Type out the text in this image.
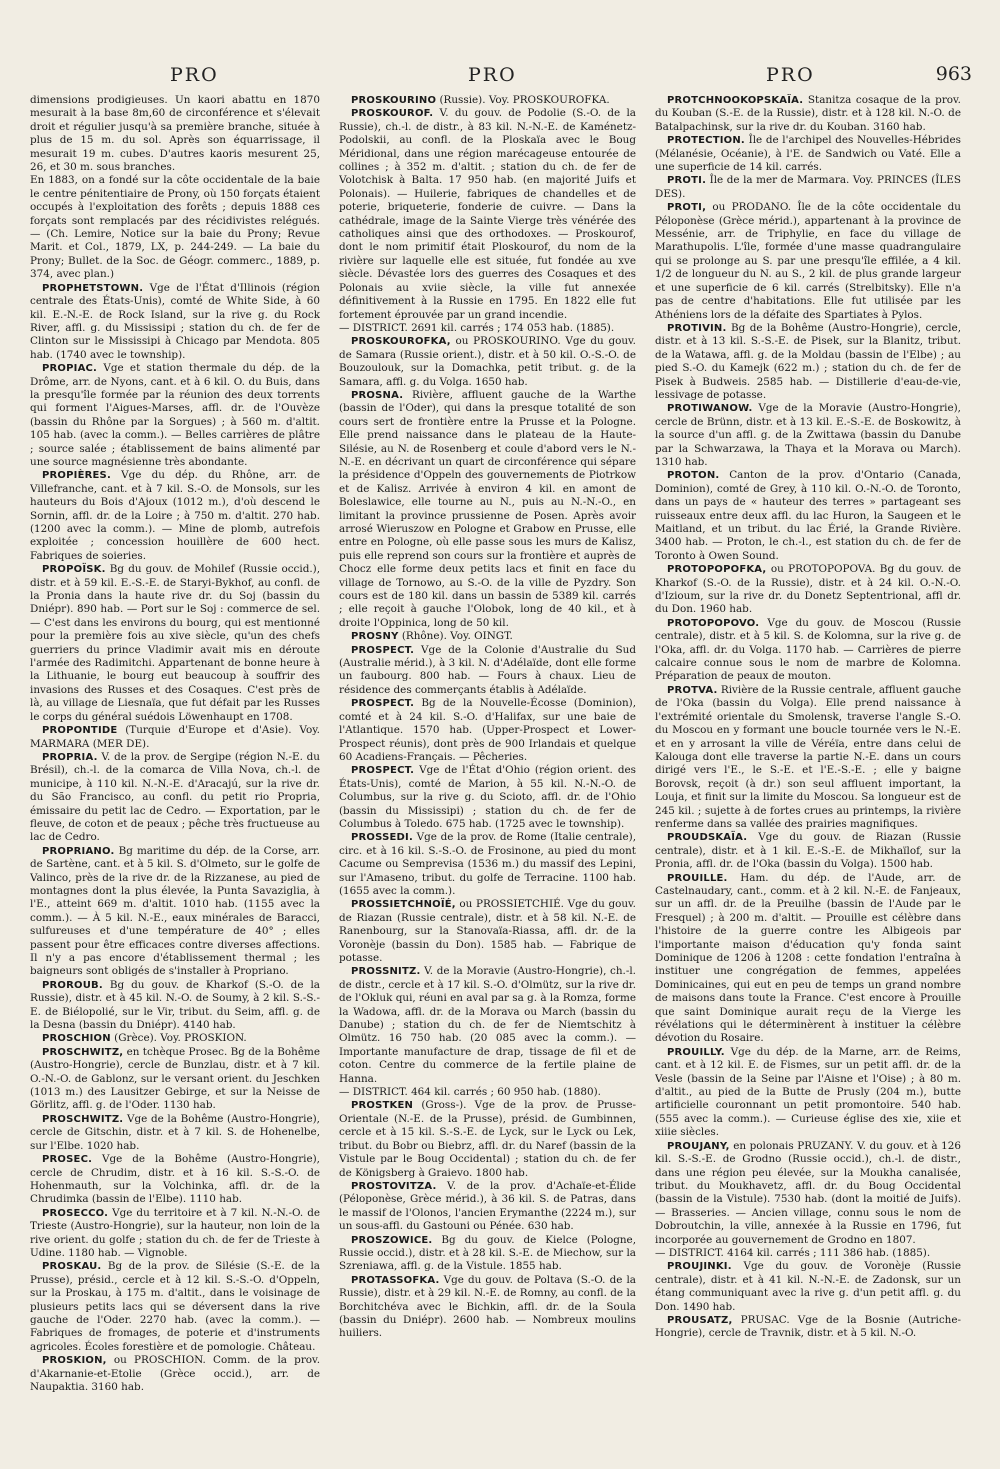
PRO	PRO	PRO	963

dimensions prodigieuses. Un kaori abattu en 1870 mesurait à la base 8m,60 de circonférence et s'élevait droit et régulier jusqu'à sa première branche, située à plus de 15 m. du sol. Après son équarrissage, il mesurait 19 m. cubes. D'autres kaoris mesurent 25, 26, et 30 m. sous branches.

En 1883, on a fondé sur la côte occidentale de la baie le centre pénitentiaire de Prony, où 150 forçats étaient occupés à l'exploitation des forêts ; depuis 1888 ces forçats sont remplacés par des récidivistes relégués. — (Ch. Lemire, Notice sur la baie du Prony; Revue Marit. et Col., 1879, LX, p. 244-249. — La baie du Prony; Bullet. de la Soc. de Géogr. commerc., 1889, p. 374, avec plan.)

PROPHETSTOWN. Vge de l'État d'Illinois (région centrale des États-Unis), comté de White Side, à 60 kil. E.-N.-E. de Rock Island, sur la rive g. du Rock River, affl. g. du Mississipi ; station du ch. de fer de Clinton sur le Mississipi à Chicago par Mendota. 805 hab. (1740 avec le township).

PROPIAC. Vge et station thermale du dép. de la Drôme, arr. de Nyons, cant. et à 6 kil. O. du Buis, dans la presqu'île formée par la réunion des deux torrents qui forment l'Aigues-Marses, affl. dr. de l'Ouvèze (bassin du Rhône par la Sorgues) ; à 560 m. d'altit. 105 hab. (avec la comm.). — Belles carrières de plâtre ; source salée ; établissement de bains alimenté par une source magnésienne très abondante.

PROPIÈRES. Vge du dép. du Rhône, arr. de Villefranche, cant. et à 7 kil. S.-O. de Monsols, sur les hauteurs du Bois d'Ajoux (1012 m.), d'où descend le Sornin, affl. dr. de la Loire ; à 750 m. d'altit. 270 hab. (1200 avec la comm.). — Mine de plomb, autrefois exploitée ; concession houillère de 600 hect. Fabriques de soieries.

PROPOÏSK. Bg du gouv. de Mohilef (Russie occid.), distr. et à 59 kil. E.-S.-E. de Staryi-Bykhof, au confl. de la Pronia dans la haute rive dr. du Soj (bassin du Dniépr). 890 hab. — Port sur le Soj : commerce de sel. — C'est dans les environs du bourg, qui est mentionné pour la première fois au xive siècle, qu'un des chefs guerriers du prince Vladimir avait mis en déroute l'armée des Radimitchi. Appartenant de bonne heure à la Lithuanie, le bourg eut beaucoup à souffrir des invasions des Russes et des Cosaques. C'est près de là, au village de Liesnaïa, que fut défait par les Russes le corps du général suédois Löwenhaupt en 1708.

PROPONTIDE (Turquie d'Europe et d'Asie). Voy. MARMARA (MER DE).

PROPRIA. V. de la prov. de Sergipe (région N.-E. du Brésil), ch.-l. de la comarca de Villa Nova, ch.-l. de municipe, à 110 kil. N.-N.-E. d'Aracajú, sur la rive dr. du São Francisco, au confl. du petit rio Propria, émissaire du petit lac de Cedro. — Exportation, par le fleuve, de coton et de peaux ; pêche très fructueuse au lac de Cedro.

PROPRIANO. Bg maritime du dép. de la Corse, arr. de Sartène, cant. et à 5 kil. S. d'Olmeto, sur le golfe de Valinco, près de la rive dr. de la Rizzanese, au pied de montagnes dont la plus élevée, la Punta Savaziglia, à l'E., atteint 669 m. d'altit. 1010 hab. (1155 avec la comm.). — À 5 kil. N.-E., eaux minérales de Baracci, sulfureuses et d'une température de 40° ; elles passent pour être efficaces contre diverses affections. Il n'y a pas encore d'établissement thermal ; les baigneurs sont obligés de s'installer à Propriano.

PROROUB. Bg du gouv. de Kharkof (S.-O. de la Russie), distr. et à 45 kil. N.-O. de Soumy, à 2 kil. S.-S.-E. de Biélopolié, sur le Vir, tribut. du Seim, affl. g. de la Desna (bassin du Dniépr). 4140 hab.

PROSCHION (Grèce). Voy. PROSKION.

PROSCHWITZ, en tchèque Prosec. Bg de la Bohême (Austro-Hongrie), cercle de Bunzlau, distr. et à 7 kil. O.-N.-O. de Gablonz, sur le versant orient. du Jeschken (1013 m.) des Lausitzer Gebirge, et sur la Neisse de Görlitz, affl. g. de l'Oder. 1130 hab.

PROSCHWITZ. Vge de la Bohême (Austro-Hongrie), cercle de Gitschin, distr. et à 7 kil. S. de Hohenelbe, sur l'Elbe. 1020 hab.

PROSEC. Vge de la Bohême (Austro-Hongrie), cercle de Chrudim, distr. et à 16 kil. S.-S.-O. de Hohenmauth, sur la Volchinka, affl. dr. de la Chrudimka (bassin de l'Elbe). 1110 hab.

PROSECCO. Vge du territoire et à 7 kil. N.-N.-O. de Trieste (Austro-Hongrie), sur la hauteur, non loin de la rive orient. du golfe ; station du ch. de fer de Trieste à Udine. 1180 hab. — Vignoble.

PROSKAU. Bg de la prov. de Silésie (S.-E. de la Prusse), présid., cercle et à 12 kil. S.-S.-O. d'Oppeln, sur la Proskau, à 175 m. d'altit., dans le voisinage de plusieurs petits lacs qui se déversent dans la rive gauche de l'Oder. 2270 hab. (avec la comm.). — Fabriques de fromages, de poterie et d'instruments agricoles. Écoles forestière et de pomologie. Château.

PROSKION, ou PROSCHION. Comm. de la prov. d'Akarnanie-et-Etolie (Grèce occid.), arr. de Naupaktia. 3160 hab.

PROSKOURINO (Russie). Voy. PROSKOUROFKA.

PROSKOUROF. V. du gouv. de Podolie (S.-O. de la Russie), ch.-l. de distr., à 83 kil. N.-N.-E. de Kaménetz-Podolskii, au confl. de la Ploskaïa avec le Boug Méridional, dans une région marécageuse entourée de collines ; à 352 m. d'altit. ; station du ch. de fer de Volotchisk à Balta. 17 950 hab. (en majorité Juifs et Polonais). — Huilerie, fabriques de chandelles et de poterie, briqueterie, fonderie de cuivre. — Dans la cathédrale, image de la Sainte Vierge très vénérée des catholiques ainsi que des orthodoxes. — Proskourof, dont le nom primitif était Ploskourof, du nom de la rivière sur laquelle elle est située, fut fondée au xve siècle. Dévastée lors des guerres des Cosaques et des Polonais au xviie siècle, la ville fut annexée définitivement à la Russie en 1795. En 1822 elle fut fortement éprouvée par un grand incendie.

— DISTRICT. 2691 kil. carrés ; 174 053 hab. (1885).

PROSKOUROFKA, ou PROSKOURINO. Vge du gouv. de Samara (Russie orient.), distr. et à 50 kil. O.-S.-O. de Bouzoulouk, sur la Domachka, petit tribut. g. de la Samara, affl. g. du Volga. 1650 hab.

PROSNA. Rivière, affluent gauche de la Warthe (bassin de l'Oder), qui dans la presque totalité de son cours sert de frontière entre la Prusse et la Pologne. Elle prend naissance dans le plateau de la Haute-Silésie, au N. de Rosenberg et coule d'abord vers le N.-N.-E. en décrivant un quart de circonférence qui sépare la présidence d'Oppeln des gouvernements de Piotrkow et de Kalisz. Arrivée à environ 4 kil. en amont de Boleslawice, elle tourne au N., puis au N.-N.-O., en limitant la province prussienne de Posen. Après avoir arrosé Wieruszow en Pologne et Grabow en Prusse, elle entre en Pologne, où elle passe sous les murs de Kalisz, puis elle reprend son cours sur la frontière et auprès de Chocz elle forme deux petits lacs et finit en face du village de Tornowo, au S.-O. de la ville de Pyzdry. Son cours est de 180 kil. dans un bassin de 5389 kil. carrés ; elle reçoit à gauche l'Olobok, long de 40 kil., et à droite l'Oppinica, long de 50 kil.

PROSNY (Rhône). Voy. OINGT.

PROSPECT. Vge de la Colonie d'Australie du Sud (Australie mérid.), à 3 kil. N. d'Adélaïde, dont elle forme un faubourg. 800 hab. — Fours à chaux. Lieu de résidence des commerçants établis à Adélaïde.

PROSPECT. Bg de la Nouvelle-Écosse (Dominion), comté et à 24 kil. S.-O. d'Halifax, sur une baie de l'Atlantique. 1570 hab. (Upper-Prospect et Lower-Prospect réunis), dont près de 900 Irlandais et quelque 60 Acadiens-Français. — Pêcheries.

PROSPECT. Vge de l'État d'Ohio (région orient. des États-Unis), comté de Marion, à 55 kil. N.-N.-O. de Columbus, sur la rive g. du Scioto, affl. dr. de l'Ohio (bassin du Mississipi) ; station du ch. de fer de Columbus à Toledo. 675 hab. (1725 avec le township).

PROSSEDI. Vge de la prov. de Rome (Italie centrale), circ. et à 16 kil. S.-S.-O. de Frosinone, au pied du mont Cacume ou Semprevisa (1536 m.) du massif des Lepini, sur l'Amaseno, tribut. du golfe de Terracine. 1100 hab. (1655 avec la comm.).

PROSSIETCHNOÏÉ, ou PROSSIETCHIÉ. Vge du gouv. de Riazan (Russie centrale), distr. et à 58 kil. N.-E. de Ranenbourg, sur la Stanovaïa-Riassa, affl. dr. de la Voronèje (bassin du Don). 1585 hab. — Fabrique de potasse.

PROSSNITZ. V. de la Moravie (Austro-Hongrie), ch.-l. de distr., cercle et à 17 kil. S.-O. d'Olmütz, sur la rive dr. de l'Okluk qui, réuni en aval par sa g. à la Romza, forme la Wadowa, affl. dr. de la Morava ou March (bassin du Danube) ; station du ch. de fer de Niemtschitz à Olmütz. 16 750 hab. (20 085 avec la comm.). — Importante manufacture de drap, tissage de fil et de coton. Centre du commerce de la fertile plaine de Hanna.

— DISTRICT. 464 kil. carrés ; 60 950 hab. (1880).

PROSTKEN (Gross-). Vge de la prov. de Prusse-Orientale (N.-E. de la Prusse), présid. de Gumbinnen, cercle et à 15 kil. S.-S.-E. de Lyck, sur le Lyck ou Lek, tribut. du Bobr ou Biebrz, affl. dr. du Naref (bassin de la Vistule par le Boug Occidental) ; station du ch. de fer de Königsberg à Graievo. 1800 hab.

PROSTOVITZA. V. de la prov. d'Achaïe-et-Élide (Péloponèse, Grèce mérid.), à 36 kil. S. de Patras, dans le massif de l'Olonos, l'ancien Erymanthe (2224 m.), sur un sous-affl. du Gastouni ou Pénée. 630 hab.

PROSZOWICE. Bg du gouv. de Kielce (Pologne, Russie occid.), distr. et à 28 kil. S.-E. de Miechow, sur la Szreniawa, affl. g. de la Vistule. 1855 hab.

PROTASSOFKA. Vge du gouv. de Poltava (S.-O. de la Russie), distr. et à 29 kil. N.-E. de Romny, au confl. de la Borchitchéva avec le Bichkin, affl. dr. de la Soula (bassin du Dniépr). 2600 hab. — Nombreux moulins huiliers.

PROTCHNOOKOPSKAÏA. Stanitza cosaque de la prov. du Kouban (S.-E. de la Russie), distr. et à 128 kil. N.-O. de Batalpachinsk, sur la rive dr. du Kouban. 3160 hab.

PROTECTION. Île de l'archipel des Nouvelles-Hébrides (Mélanésie, Océanie), à l'E. de Sandwich ou Vaté. Elle a une superficie de 14 kil. carrés.

PROTI. Île de la mer de Marmara. Voy. PRINCES (ÎLES DES).

PROTI, ou PRODANO. Île de la côte occidentale du Péloponèse (Grèce mérid.), appartenant à la province de Messénie, arr. de Triphylie, en face du village de Marathupolis. L'île, formée d'une masse quadrangulaire qui se prolonge au S. par une presqu'île effilée, a 4 kil. 1/2 de longueur du N. au S., 2 kil. de plus grande largeur et une superficie de 6 kil. carrés (Strelbitsky). Elle n'a pas de centre d'habitations. Elle fut utilisée par les Athéniens lors de la défaite des Spartiates à Pylos.

PROTIVIN. Bg de la Bohême (Austro-Hongrie), cercle, distr. et à 13 kil. S.-S.-E. de Pisek, sur la Blanitz, tribut. de la Watawa, affl. g. de la Moldau (bassin de l'Elbe) ; au pied S.-O. du Kamejk (622 m.) ; station du ch. de fer de Pisek à Budweis. 2585 hab. — Distillerie d'eau-de-vie, lessivage de potasse.

PROTIWANOW. Vge de la Moravie (Austro-Hongrie), cercle de Brünn, distr. et à 13 kil. E.-S.-E. de Boskowitz, à la source d'un affl. g. de la Zwittawa (bassin du Danube par la Schwarzawa, la Thaya et la Morava ou March). 1310 hab.

PROTON. Canton de la prov. d'Ontario (Canada, Dominion), comté de Grey, à 110 kil. O.-N.-O. de Toronto, dans un pays de « hauteur des terres » partageant ses ruisseaux entre deux affl. du lac Huron, la Saugeen et le Maitland, et un tribut. du lac Érié, la Grande Rivière. 3400 hab. — Proton, le ch.-l., est station du ch. de fer de Toronto à Owen Sound.

PROTOPOPOFKA, ou PROTOPOPOVA. Bg du gouv. de Kharkof (S.-O. de la Russie), distr. et à 24 kil. O.-N.-O. d'Izioum, sur la rive dr. du Donetz Septentrional, affl dr. du Don. 1960 hab.

PROTOPOPOVO. Vge du gouv. de Moscou (Russie centrale), distr. et à 5 kil. S. de Kolomna, sur la rive g. de l'Oka, affl. dr. du Volga. 1170 hab. — Carrières de pierre calcaire connue sous le nom de marbre de Kolomna. Préparation de peaux de mouton.

PROTVA. Rivière de la Russie centrale, affluent gauche de l'Oka (bassin du Volga). Elle prend naissance à l'extrémité orientale du Smolensk, traverse l'angle S.-O. du Moscou en y formant une boucle tournée vers le N.-E. et en y arrosant la ville de Véréïa, entre dans celui de Kalouga dont elle traverse la partie N.-E. dans un cours dirigé vers l'E., le S.-E. et l'E.-S.-E. ; elle y baigne Borovsk, reçoit (à dr.) son seul affluent important, la Louja, et finit sur la limite du Moscou. Sa longueur est de 245 kil. ; sujette à de fortes crues au printemps, la rivière renferme dans sa vallée des prairies magnifiques.

PROUDSKAÏA. Vge du gouv. de Riazan (Russie centrale), distr. et à 1 kil. E.-S.-E. de Mikhaïlof, sur la Pronia, affl. dr. de l'Oka (bassin du Volga). 1500 hab.

PROUILLE. Ham. du dép. de l'Aude, arr. de Castelnaudary, cant., comm. et à 2 kil. N.-E. de Fanjeaux, sur un affl. dr. de la Preuilhe (bassin de l'Aude par le Fresquel) ; à 200 m. d'altit. — Prouille est célèbre dans l'histoire de la guerre contre les Albigeois par l'importante maison d'éducation qu'y fonda saint Dominique de 1206 à 1208 : cette fondation l'entraîna à instituer une congrégation de femmes, appelées Dominicaines, qui eut en peu de temps un grand nombre de maisons dans toute la France. C'est encore à Prouille que saint Dominique aurait reçu de la Vierge les révélations qui le déterminèrent à instituer la célèbre dévotion du Rosaire.

PROUILLY. Vge du dép. de la Marne, arr. de Reims, cant. et à 12 kil. E. de Fismes, sur un petit affl. dr. de la Vesle (bassin de la Seine par l'Aisne et l'Oise) ; à 80 m. d'altit., au pied de la Butte de Prusly (204 m.), butte artificielle couronnant un petit promontoire. 540 hab. (555 avec la comm.). — Curieuse église des xie, xiie et xiiie siècles.

PROUJANY, en polonais PRUZANY. V. du gouv. et à 126 kil. S.-S.-E. de Grodno (Russie occid.), ch.-l. de distr., dans une région peu élevée, sur la Moukha canalisée, tribut. du Moukhavetz, affl. dr. du Boug Occidental (bassin de la Vistule). 7530 hab. (dont la moitié de Juifs). — Brasseries. — Ancien village, connu sous le nom de Dobroutchin, la ville, annexée à la Russie en 1796, fut incorporée au gouvernement de Grodno en 1807.

— DISTRICT. 4164 kil. carrés ; 111 386 hab. (1885).

PROUJINKI. Vge du gouv. de Voronèje (Russie centrale), distr. et à 41 kil. N.-N.-E. de Zadonsk, sur un étang communiquant avec la rive g. d'un petit affl. g. du Don. 1490 hab.

PROUSATZ, PRUSAC. Vge de la Bosnie (Autriche-Hongrie), cercle de Travnik, distr. et à 5 kil. N.-O.
